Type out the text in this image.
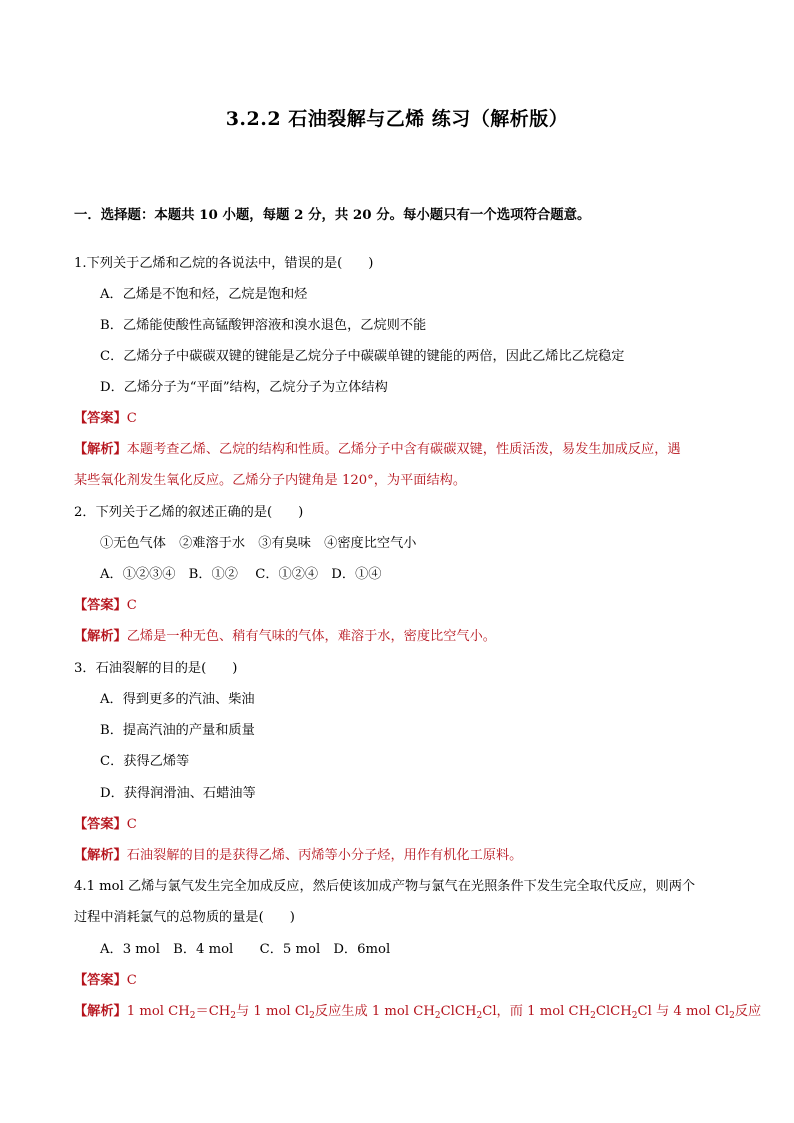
3.2.2 石油裂解与乙烯 练习（解析版）
一．选择题：本题共 10 小题，每题 2 分，共 20 分。每小题只有一个选项符合题意。
1.下列关于乙烯和乙烷的各说法中，错误的是( )
A．乙烯是不饱和烃，乙烷是饱和烃
B．乙烯能使酸性高锰酸钾溶液和溴水退色，乙烷则不能
C．乙烯分子中碳碳双键的键能是乙烷分子中碳碳单键的键能的两倍，因此乙烯比乙烷稳定
D．乙烯分子为“平面”结构，乙烷分子为立体结构
【答案】C
【解析】本题考查乙烯、乙烷的结构和性质。乙烯分子中含有碳碳双键，性质活泼，易发生加成反应，遇
某些氧化剂发生氧化反应。乙烯分子内键角是 120°，为平面结构。
2．下列关于乙烯的叙述正确的是( )
①无色气体　②难溶于水　③有臭味　④密度比空气小
A．①②③④　B．①②　 C．①②④　D．①④
【答案】C
【解析】乙烯是一种无色、稍有气味的气体，难溶于水，密度比空气小。
3．石油裂解的目的是( )
A．得到更多的汽油、柴油
B．提高汽油的产量和质量
C．获得乙烯等
D．获得润滑油、石蜡油等
【答案】C
【解析】石油裂解的目的是获得乙烯、丙烯等小分子烃，用作有机化工原料。
4.1 mol 乙烯与氯气发生完全加成反应，然后使该加成产物与氯气在光照条件下发生完全取代反应，则两个
过程中消耗氯气的总物质的量是( )
A．3 mol　B．4 mol　　C．5 mol　D．6mol
【答案】C
【解析】1 mol $CH_2=CH_2$与 1 mol $Cl_2$反应生成 1 mol $CH_2ClCH_2Cl$，而 1 mol $CH_2ClCH_2Cl$ 与 4 mol $Cl_2$反应
